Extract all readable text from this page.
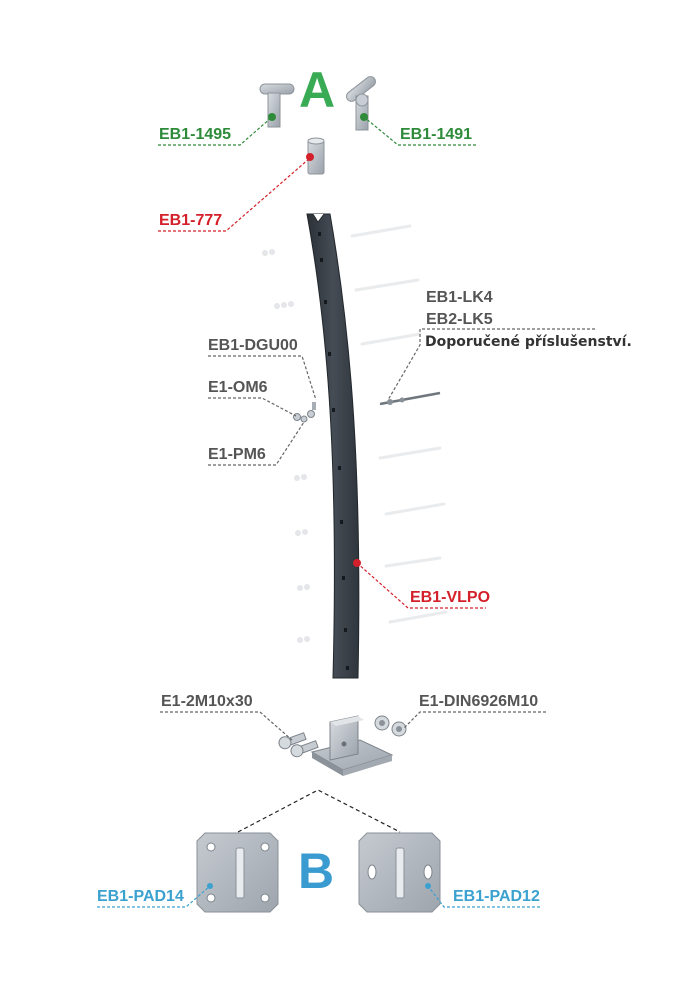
A
B
EB1-1495	EB1-1491
EB1-777
EB1-LK4
EB2-LK5
Doporučené příslušenství.
EB1-DGU00
E1-OM6
E1-PM6
EB1-VLPO
E1-2M10x30	E1-DIN6926M10
EB1-PAD14	EB1-PAD12
